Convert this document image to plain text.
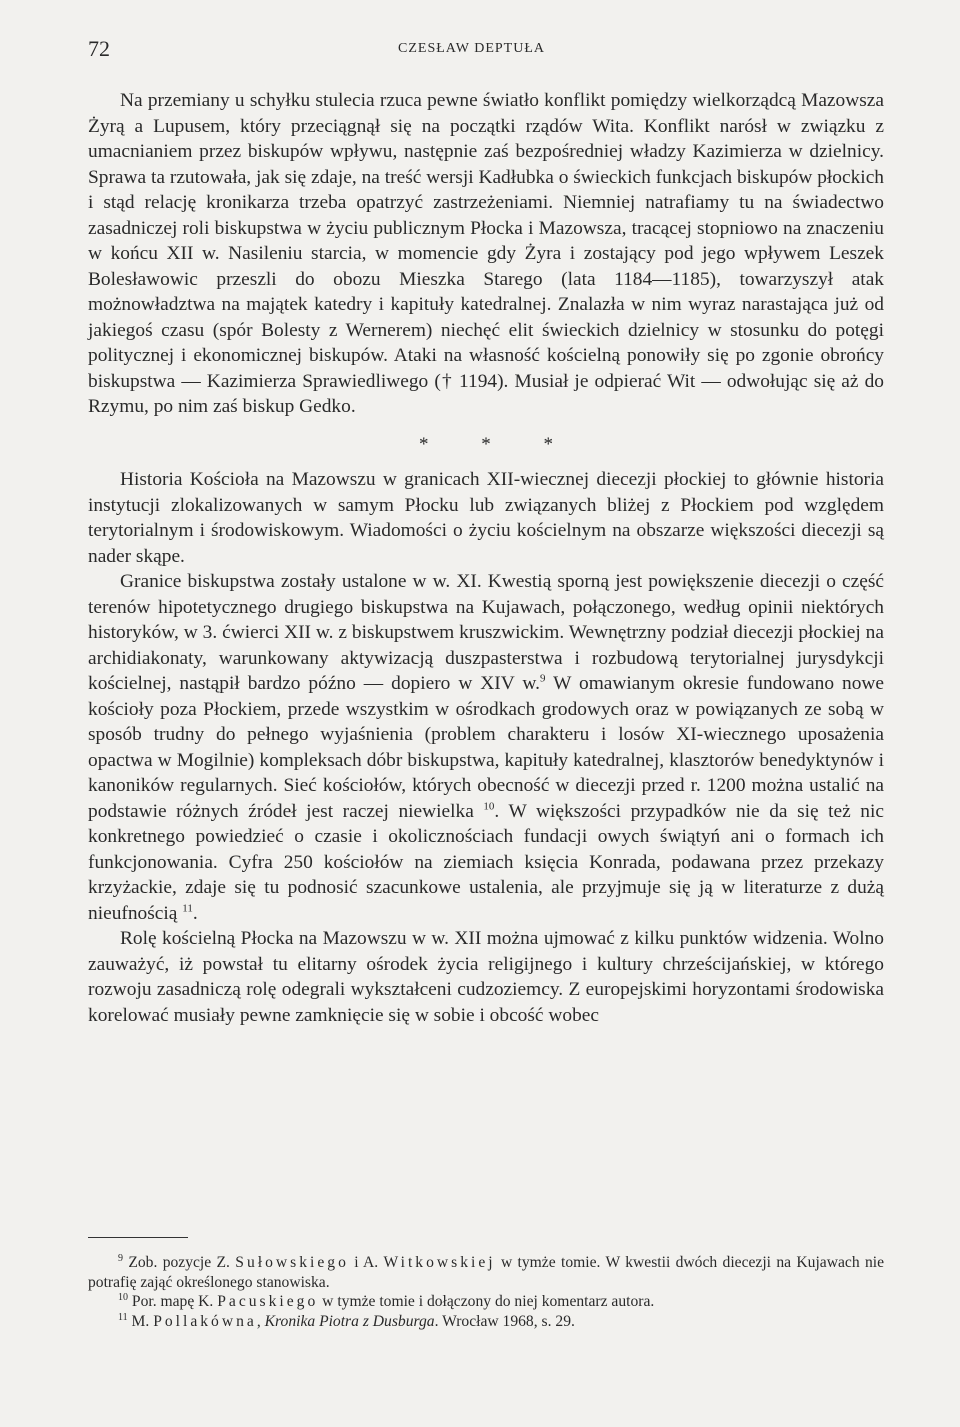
72	CZESŁAW DEPTUŁA

Na przemiany u schyłku stulecia rzuca pewne światło konflikt pomiędzy wielkorządcą Mazowsza Żyrą a Lupusem, który przeciągnął się na początki rządów Wita. Konflikt narósł w związku z umacnianiem przez biskupów wpływu, następnie zaś bezpośredniej władzy Kazimierza w dzielnicy. Sprawa ta rzutowała, jak się zdaje, na treść wersji Kadłubka o świeckich funkcjach biskupów płockich i stąd relację kronikarza trzeba opatrzyć zastrzeżeniami. Niemniej natrafiamy tu na świadectwo zasadniczej roli biskupstwa w życiu publicznym Płocka i Mazowsza, tracącej stopniowo na znaczeniu w końcu XII w. Nasileniu starcia, w momencie gdy Żyra i zostający pod jego wpływem Leszek Bolesławowic przeszli do obozu Mieszka Starego (lata 1184—1185), towarzyszył atak możnowładztwa na majątek katedry i kapituły katedralnej. Znalazła w nim wyraz narastająca już od jakiegoś czasu (spór Bolesty z Wernerem) niechęć elit świeckich dzielnicy w stosunku do potęgi politycznej i ekonomicznej biskupów. Ataki na własność kościelną ponowiły się po zgonie obrońcy biskupstwa — Kazimierza Sprawiedliwego († 1194). Musiał je odpierać Wit — odwołując się aż do Rzymu, po nim zaś biskup Gedko.

* * *

Historia Kościoła na Mazowszu w granicach XII-wiecznej diecezji płockiej to głównie historia instytucji zlokalizowanych w samym Płocku lub związanych bliżej z Płockiem pod względem terytorialnym i środowiskowym. Wiadomości o życiu kościelnym na obszarze większości diecezji są nader skąpe.

Granice biskupstwa zostały ustalone w w. XI. Kwestią sporną jest powiększenie diecezji o część terenów hipotetycznego drugiego biskupstwa na Kujawach, połączonego, według opinii niektórych historyków, w 3. ćwierci XII w. z biskupstwem kruszwickim. Wewnętrzny podział diecezji płockiej na archidiakonaty, warunkowany aktywizacją duszpasterstwa i rozbudową terytorialnej jurysdykcji kościelnej, nastąpił bardzo późno — dopiero w XIV w.$^9$ W omawianym okresie fundowano nowe kościoły poza Płockiem, przede wszystkim w ośrodkach grodowych oraz w powiązanych ze sobą w sposób trudny do pełnego wyjaśnienia (problem charakteru i losów XI-wiecznego uposażenia opactwa w Mogilnie) kompleksach dóbr biskupstwa, kapituły katedralnej, klasztorów benedyktynów i kanoników regularnych. Sieć kościołów, których obecność w diecezji przed r. 1200 można ustalić na podstawie różnych źródeł jest raczej niewielka $^{10}$. W większości przypadków nie da się też nic konkretnego powiedzieć o czasie i okolicznościach fundacji owych świątyń ani o formach ich funkcjonowania. Cyfra 250 kościołów na ziemiach księcia Konrada, podawana przez przekazy krzyżackie, zdaje się tu podnosić szacunkowe ustalenia, ale przyjmuje się ją w literaturze z dużą nieufnością $^{11}$.

Rolę kościelną Płocka na Mazowszu w w. XII można ujmować z kilku punktów widzenia. Wolno zauważyć, iż powstał tu elitarny ośrodek życia religijnego i kultury chrześcijańskiej, w którego rozwoju zasadniczą rolę odegrali wykształceni cudzoziemcy. Z europejskimi horyzontami środowiska korelować musiały pewne zamknięcie się w sobie i obcość wobec

$^9$ Zob. pozycje Z. Sułowskiego i A. Witkowskiej w tymże tomie. W kwestii dwóch diecezji na Kujawach nie potrafię zająć określonego stanowiska.

$^{10}$ Por. mapę K. Pacuskiego w tymże tomie i dołączony do niej komentarz autora.

$^{11}$ M. Pollakówna, Kronika Piotra z Dusburga. Wrocław 1968, s. 29.
